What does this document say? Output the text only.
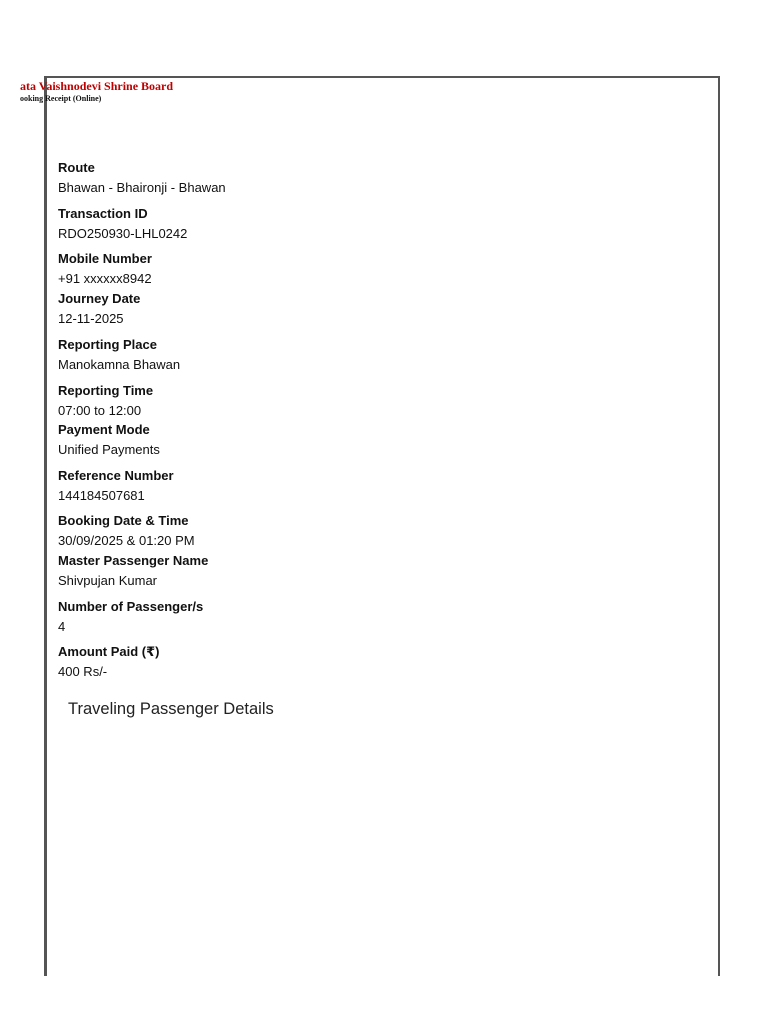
ata Vaishnodevi Shrine Board
ooking Receipt (Online)
Route
Bhawan - Bhaironji - Bhawan
Transaction ID
RDO250930-LHL0242
Mobile Number
+91 xxxxxx8942
Journey Date
12-11-2025
Reporting Place
Manokamna Bhawan
Reporting Time
07:00 to 12:00
Payment Mode
Unified Payments
Reference Number
144184507681
Booking Date & Time
30/09/2025 & 01:20 PM
Master Passenger Name
Shivpujan Kumar
Number of Passenger/s
4
Amount Paid (₹)
400 Rs/-
Traveling Passenger Details
